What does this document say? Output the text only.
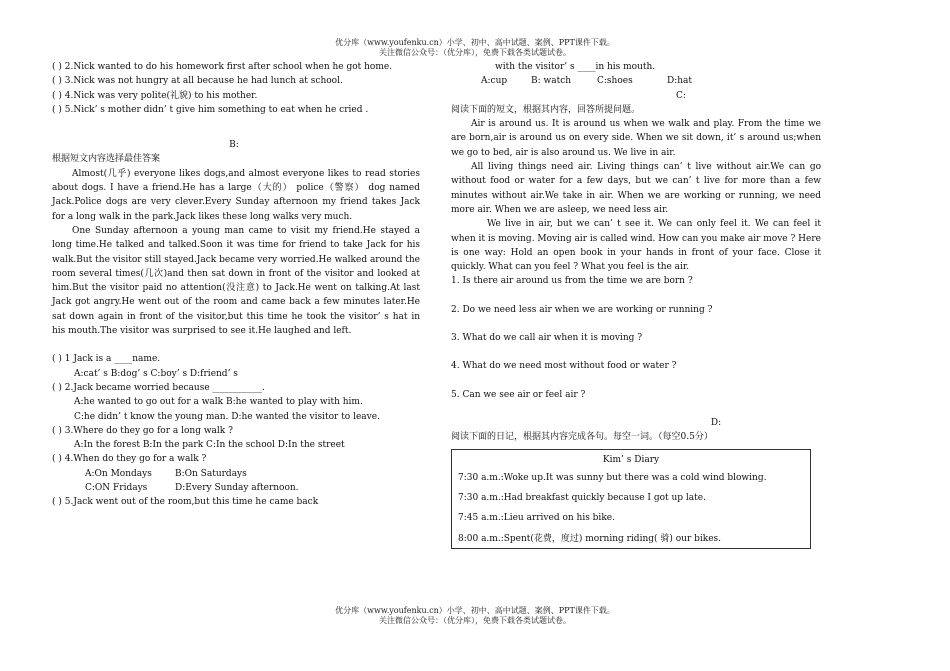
优分库（www.youfenku.cn）小学、初中、高中试题、案例、PPT课件下载。
关注微信公众号：（优分库），免费下载各类试题试卷。
( ) 2.Nick wanted to do his homework first after school when he got home.
( ) 3.Nick was not hungry at all because he had lunch at school.
( ) 4.Nick was very polite(礼貌) to his mother.
( ) 5.Nick’ s mother didn’ t give him something to eat when he cried .
B:
根据短文内容选择最佳答案
Almost(几乎) everyone likes dogs,and almost everyone likes to read stories about dogs. I have a friend.He has a large（大的） police（警察） dog named Jack.Police dogs are very clever.Every Sunday afternoon my friend takes Jack for a long walk in the park.Jack likes these long walks very much.
One Sunday afternoon a young man came to visit my friend.He stayed a long time.He talked and talked.Soon it was time for friend to take Jack for his walk.But the visitor still stayed.Jack became very worried.He walked around the room several times(几次)and then sat down in front of the visitor and looked at him.But the visitor paid no attention(没注意) to Jack.He went on talking.At last Jack got angry.He went out of the room and came back a few minutes later.He sat down again in front of the visitor,but this time he took the visitor’ s hat in his mouth.The visitor was surprised to see it.He laughed and left.
( ) 1 Jack is a ____name.
A:cat’ s B:dog’ s C:boy’ s D:friend’ s
( ) 2.Jack became worried because ___________.
A:he wanted to go out for a walk B:he wanted to play with him.
C:he didn’ t know the young man. D:he wanted the visitor to leave.
( ) 3.Where do they go for a long walk ?
A:In the forest B:In the park C:In the school D:In the street
( ) 4.When do they go for a walk ?
A:On Mondays	B:On Saturdays
C:ON Fridays	D:Every Sunday afternoon.
( ) 5.Jack went out of the room,but this time he came back
with the visitor’ s ____in his mouth.
A:cup	B: watch	C:shoes	D:hat
C:
阅读下面的短文，根据其内容，回答所提问题。
Air is around us. It is around us when we walk and play. From the time we are born,air is around us on every side. When we sit down, it’ s around us;when we go to bed, air is also around us. We live in air.
All living things need air. Living things can’ t live without air.We can go without food or water for a few days, but we can’ t live for more than a few minutes without air.We take in air. When we are working or running, we need more air. When we are asleep, we need less air.
We live in air, but we can’ t see it. We can only feel it. We can feel it when it is moving. Moving air is called wind. How can you make air move ? Here is one way: Hold an open book in your hands in front of your face. Close it quickly. What can you feel ? What you feel is the air.
1. Is there air around us from the time we are born ?
2. Do we need less air when we are working or running ?
3. What do we call air when it is moving ?
4. What do we need most without food or water ?
5. Can we see air or feel air ?
D:
阅读下面的日记，根据其内容完成各句。每空一词。（每空0.5分）
Kim’ s Diary
7:30 a.m.:Woke up.It was sunny but there was a cold wind blowing.
7:30 a.m.:Had breakfast quickly because I got up late.
7:45 a.m.:Lieu arrived on his bike.
8:00 a.m.:Spent(花费，度过) morning riding( 骑) our bikes.
优分库（www.youfenku.cn）小学、初中、高中试题、案例、PPT课件下载。
关注微信公众号：（优分库），免费下载各类试题试卷。
